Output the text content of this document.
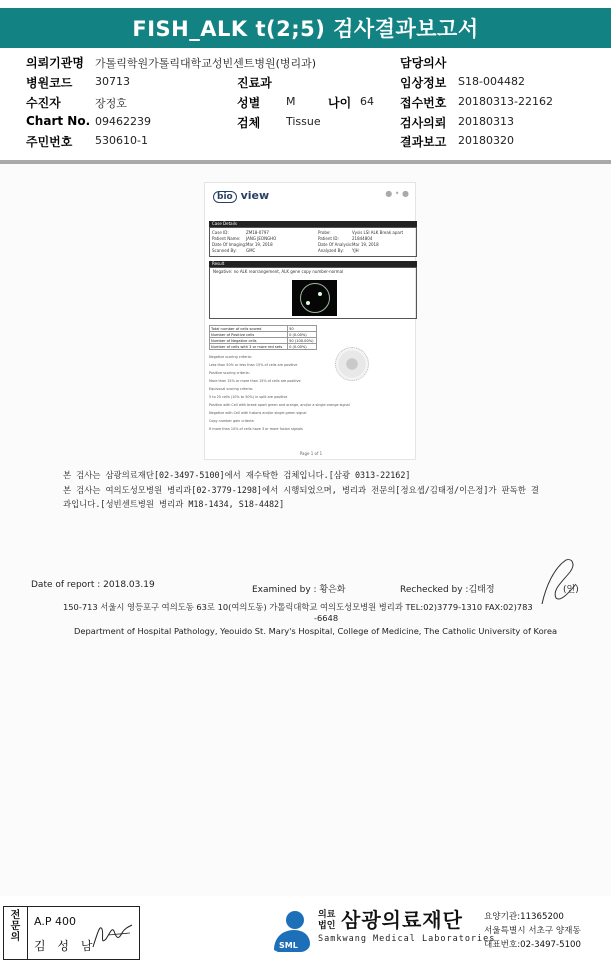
FISH_ALK t(2;5) 검사결과보고서
의뢰기관명 가톨릭학원가톨릭대학교성빈센트병원(병리과)	담당의사
병원코드 30713	진료과	임상정보 S18-004482
수진자	장정호	성별 M	나이 64 접수번호 20180313-22162
Chart No. 09462239	검체 Tissue	검사의뢰 20180313
주민번호 530610-1	결과보고 20180320
bio view	● • ●
Case Details
Case ID:	ZM18-0797	Probe:	Vysis LSI ALK Break apart
Patient Name: JANG JEONGHO	Patient ID:	21844804
Date Of Imaging: Mar 19, 2018	Date Of Analysis: Mar 19, 2018
Scanned By: GMC	Analyzed By: YJH
Result
Negative: no ALK rearrangement, ALK gene copy number-normal
Total number of cells scored	50
Number of Positive cells	0 (0.00%)
Number of Negative cells	50 (100.00%)
Number of cells with 3 or more red sets	0 (0.00%)
Negative scoring criteria:
Less than 50% or less than 15% of cells are positive
Positive scoring criteria:
More than 15% or more than 15% of cells are positive
Equivocal scoring criteria:
5 to 25 cells (10% to 50%) in split are positive
Positive with Cell with break apart green and orange, and/or a single orange signal
Negative with Cell with fusions and/or single green signal
Copy number gain criteria:
If more than 10% of cells have 3 or more fusion signals
Page 1 of 1
본 검사는 삼광의료재단[02-3497-5100]에서 재수탁한 검체입니다.[삼광 0313-22162]
본 검사는 여의도성모병원 병리과[02-3779-1298]에서 시행되었으며, 병리과 전문의[정요셉/김태정/이은정]가 판독한 결
과입니다.[성빈센트병원 병리과 M18-1434, S18-4482]
Date of report : 2018.03.19	Examined by : 황은화	Rechecked by :김태정	(인)
150-713 서울시 영등포구 여의도동 63로 10(여의도동) 가톨릭대학교 여의도성모병원 병리과 TEL:02)3779-1310 FAX:02)783
-6648
Department of Hospital Pathology, Yeouido St. Mary's Hospital, College of Medicine, The Catholic University of Korea
전문의
A.P 400
김 성 남	SML
의료
법인 삼광의료재단
Samkwang Medical Laboratories
요양기관:11365200
서울특별시 서초구 양재동
대표번호:02-3497-5100
